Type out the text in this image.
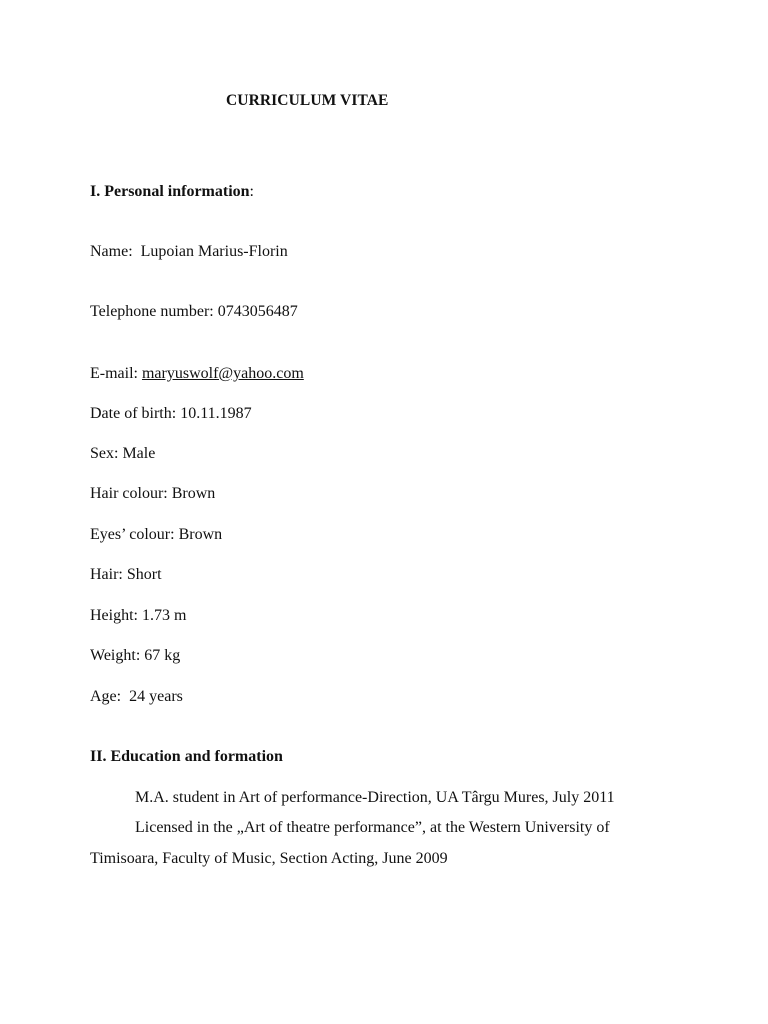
CURRICULUM VITAE
I. Personal information:
Name: Lupoian Marius-Florin
Telephone number: 0743056487
E-mail: maryuswolf@yahoo.com
Date of birth: 10.11.1987
Sex: Male
Hair colour: Brown
Eyes’ colour: Brown
Hair: Short
Height: 1.73 m
Weight: 67 kg
Age: 24 years
II. Education and formation
M.A. student in Art of performance-Direction, UA Târgu Mures, July 2011
Licensed in the „Art of theatre performance”, at the Western University of
Timisoara, Faculty of Music, Section Acting, June 2009
